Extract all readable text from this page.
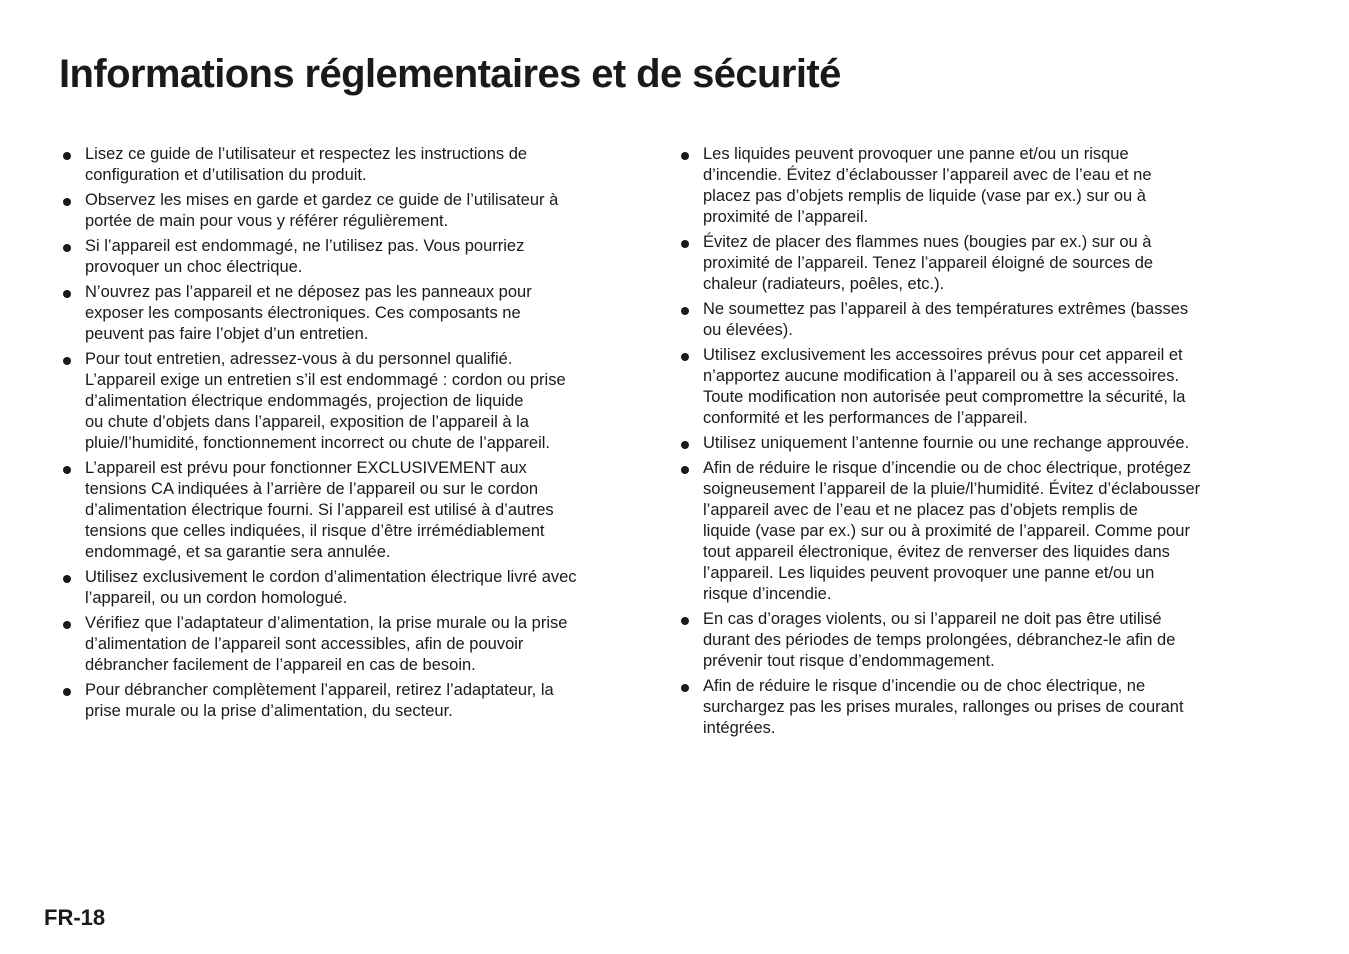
Informations réglementaires et de sécurité
Lisez ce guide de l’utilisateur et respectez les instructions de
configuration et d’utilisation du produit.
Observez les mises en garde et gardez ce guide de l’utilisateur à
portée de main pour vous y référer régulièrement.
Si l’appareil est endommagé, ne l’utilisez pas. Vous pourriez
provoquer un choc électrique.
N’ouvrez pas l’appareil et ne déposez pas les panneaux pour
exposer les composants électroniques. Ces composants ne
peuvent pas faire l’objet d’un entretien.
Pour tout entretien, adressez-vous à du personnel qualifié.
L’appareil exige un entretien s’il est endommagé : cordon ou prise
d’alimentation électrique endommagés, projection de liquide
ou chute d’objets dans l’appareil, exposition de l’appareil à la
pluie/l’humidité, fonctionnement incorrect ou chute de l’appareil.
L’appareil est prévu pour fonctionner EXCLUSIVEMENT aux
tensions CA indiquées à l’arrière de l’appareil ou sur le cordon
d’alimentation électrique fourni. Si l’appareil est utilisé à d’autres
tensions que celles indiquées, il risque d’être irrémédiablement
endommagé, et sa garantie sera annulée.
Utilisez exclusivement le cordon d’alimentation électrique livré avec
l’appareil, ou un cordon homologué.
Vérifiez que l’adaptateur d’alimentation, la prise murale ou la prise
d’alimentation de l’appareil sont accessibles, afin de pouvoir
débrancher facilement de l’appareil en cas de besoin.
Pour débrancher complètement l’appareil, retirez l’adaptateur, la
prise murale ou la prise d’alimentation, du secteur.
Les liquides peuvent provoquer une panne et/ou un risque
d’incendie. Évitez d’éclabousser l’appareil avec de l’eau et ne
placez pas d’objets remplis de liquide (vase par ex.) sur ou à
proximité de l’appareil.
Évitez de placer des flammes nues (bougies par ex.) sur ou à
proximité de l’appareil. Tenez l’appareil éloigné de sources de
chaleur (radiateurs, poêles, etc.).
Ne soumettez pas l’appareil à des températures extrêmes (basses
ou élevées).
Utilisez exclusivement les accessoires prévus pour cet appareil et
n’apportez aucune modification à l’appareil ou à ses accessoires.
Toute modification non autorisée peut compromettre la sécurité, la
conformité et les performances de l’appareil.
Utilisez uniquement l’antenne fournie ou une rechange approuvée.
Afin de réduire le risque d’incendie ou de choc électrique, protégez
soigneusement l’appareil de la pluie/l’humidité. Évitez d’éclabousser
l’appareil avec de l’eau et ne placez pas d’objets remplis de
liquide (vase par ex.) sur ou à proximité de l’appareil. Comme pour
tout appareil électronique, évitez de renverser des liquides dans
l’appareil. Les liquides peuvent provoquer une panne et/ou un
risque d’incendie.
En cas d’orages violents, ou si l’appareil ne doit pas être utilisé
durant des périodes de temps prolongées, débranchez-le afin de
prévenir tout risque d’endommagement.
Afin de réduire le risque d’incendie ou de choc électrique, ne
surchargez pas les prises murales, rallonges ou prises de courant
intégrées.
FR-18
